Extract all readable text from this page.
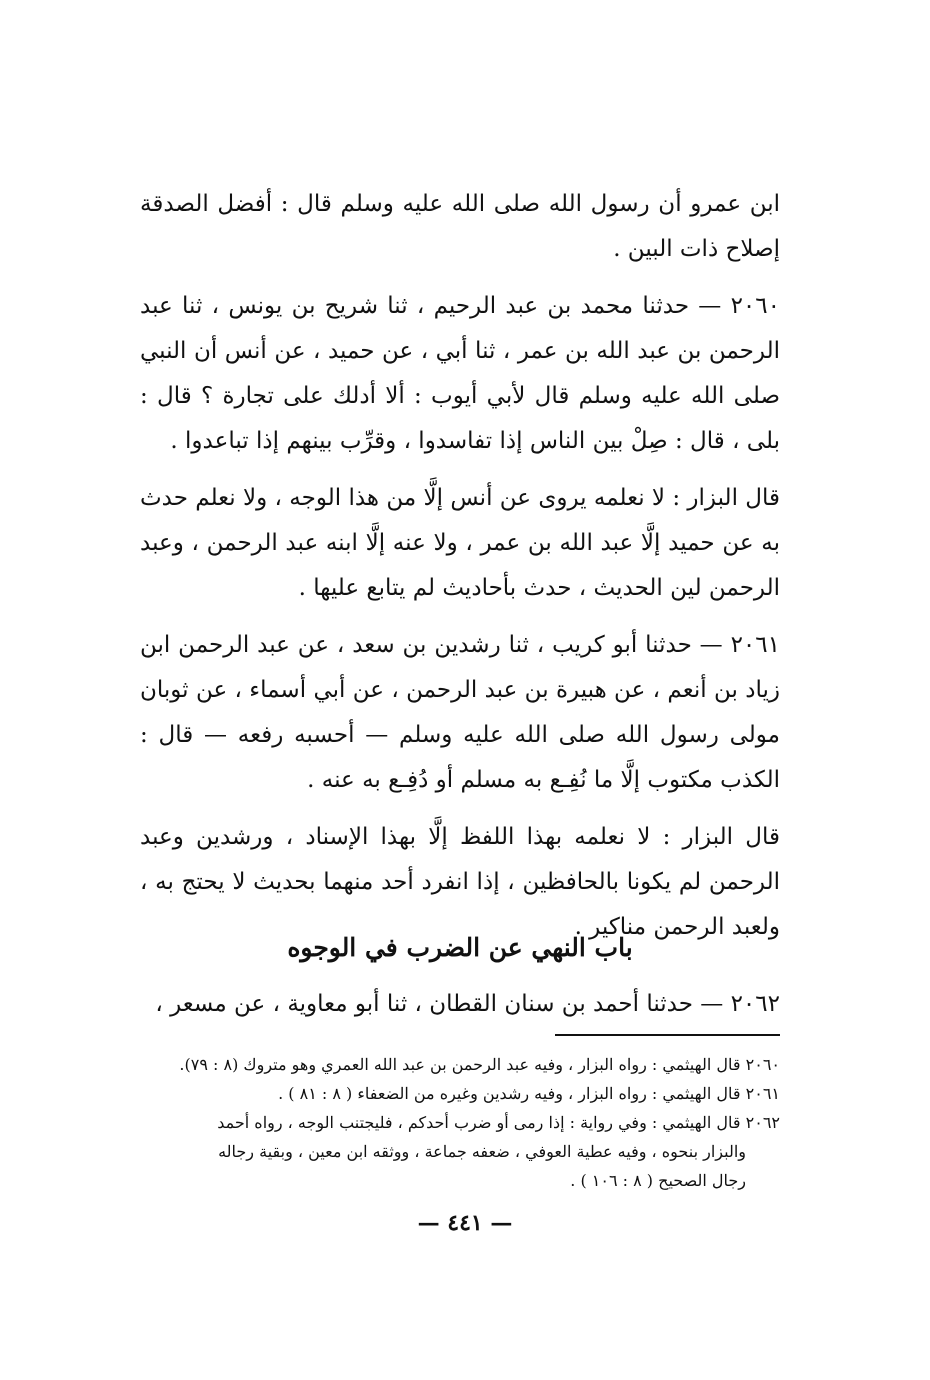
ابن عمرو أن رسول الله صلى الله عليه وسلم قال : أفضل الصدقة إصلاح ذات البين .

٢٠٦٠ — حدثنا محمد بن عبد الرحيم ، ثنا شريح بن يونس ، ثنا عبد الرحمن بن عبد الله بن عمر ، ثنا أبي ، عن حميد ، عن أنس أن النبي صلى الله عليه وسلم قال لأبي أيوب : ألا أدلك على تجارة ؟ قال : بلى ، قال : صِلْ بين الناس إذا تفاسدوا ، وقرِّب بينهم إذا تباعدوا .

قال البزار : لا نعلمه يروى عن أنس إلَّا من هذا الوجه ، ولا نعلم حدث به عن حميد إلَّا عبد الله بن عمر ، ولا عنه إلَّا ابنه عبد الرحمن ، وعبد الرحمن لين الحديث ، حدث بأحاديث لم يتابع عليها .

٢٠٦١ — حدثنا أبو كريب ، ثنا رشدين بن سعد ، عن عبد الرحمن ابن زياد بن أنعم ، عن هبيرة بن عبد الرحمن ، عن أبي أسماء ، عن ثوبان مولى رسول الله صلى الله عليه وسلم — أحسبه رفعه — قال : الكذب مكتوب إلَّا ما نُفِـع به مسلم أو دُفِـع به عنه .

قال البزار : لا نعلمه بهذا اللفظ إلَّا بهذا الإسناد ، ورشدين وعبد الرحمن لم يكونا بالحافظين ، إذا انفرد أحد منهما بحديث لا يحتج به ، ولعبد الرحمن مناكير .

باب النهي عن الضرب في الوجوه

٢٠٦٢ — حدثنا أحمد بن سنان القطان ، ثنا أبو معاوية ، عن مسعر ،

٢٠٦٠ قال الهيثمي : رواه البزار ، وفيه عبد الرحمن بن عبد الله العمري وهو متروك (٨ : ٧٩).

٢٠٦١ قال الهيثمي : رواه البزار ، وفيه رشدين وغيره من الضعفاء ( ٨ : ٨١ ) .

٢٠٦٢ قال الهيثمي : وفي رواية : إذا رمى أو ضرب أحدكم ، فليجتنب الوجه ، رواه أحمد

والبزار بنحوه ، وفيه عطية العوفي ، ضعفه جماعة ، ووثقه ابن معين ، وبقية رجاله

رجال الصحيح ( ٨ : ١٠٦ ) .

— ٤٤١ —
